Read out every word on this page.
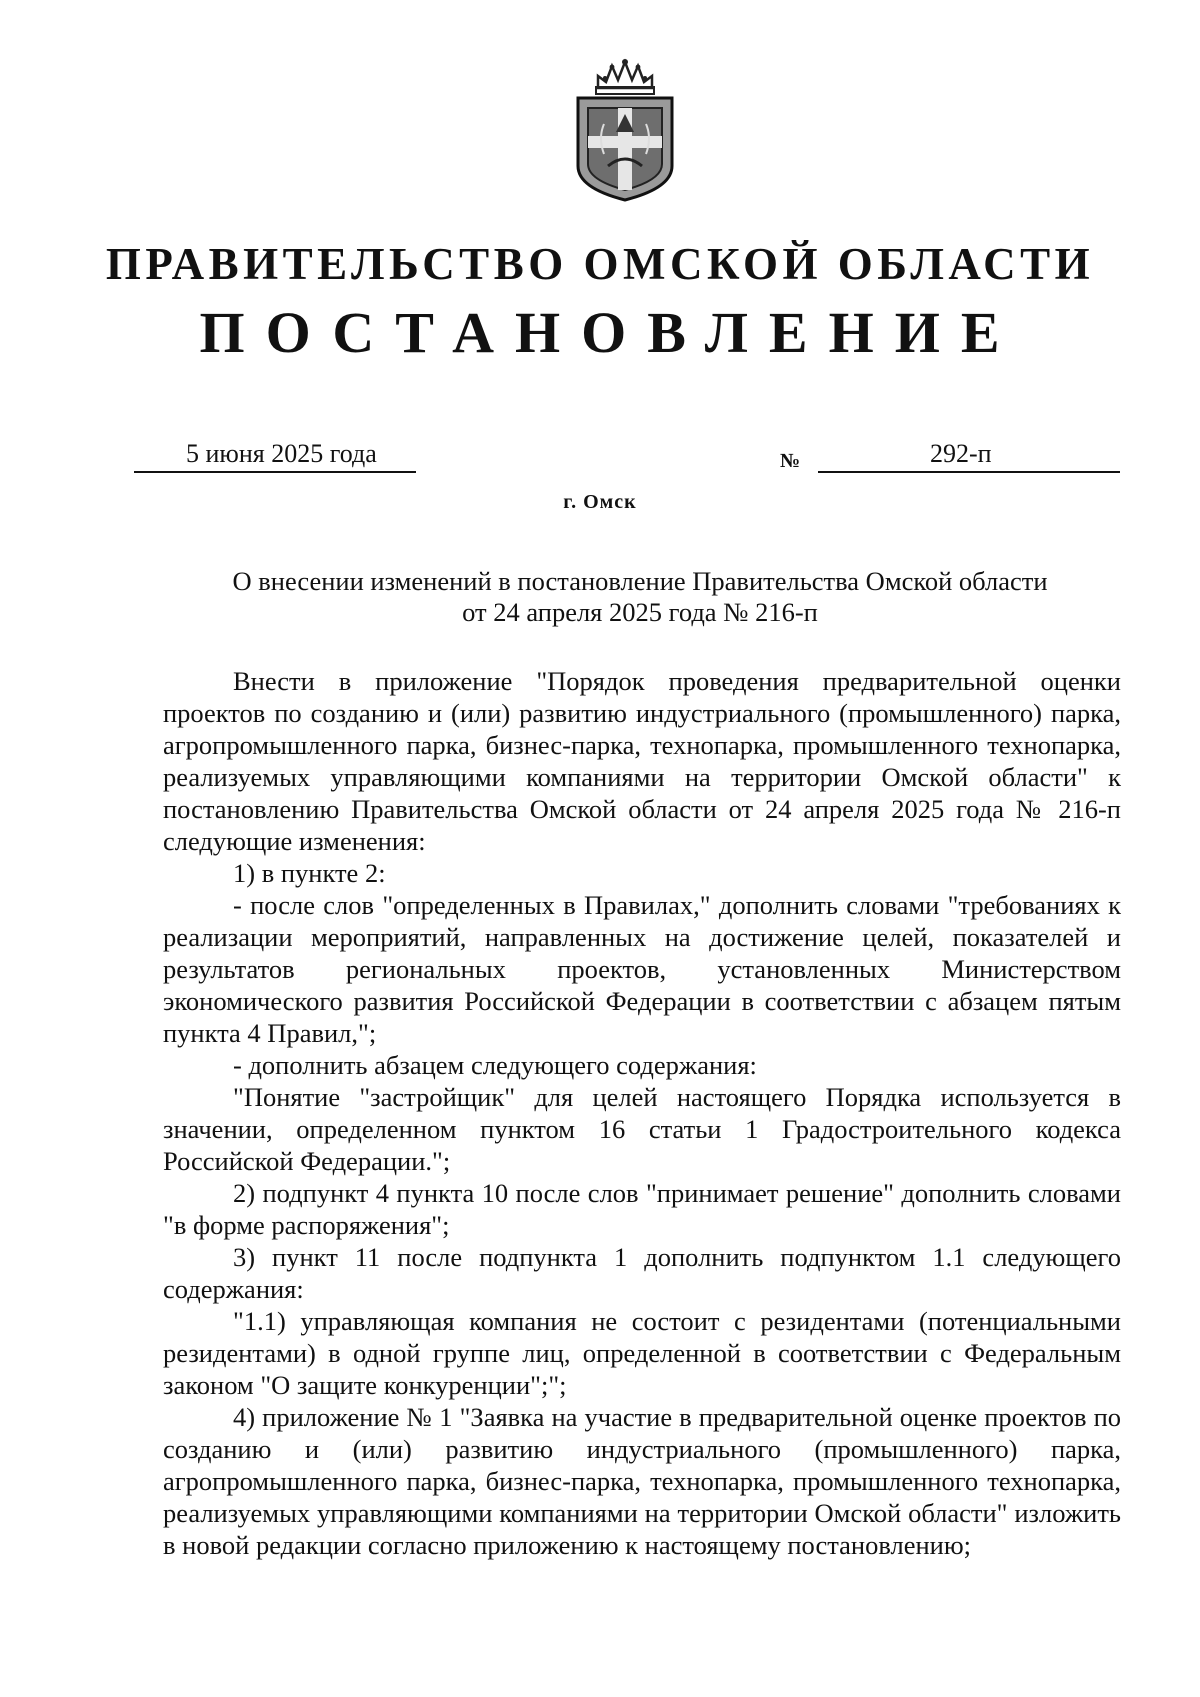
ПРАВИТЕЛЬСТВО ОМСКОЙ ОБЛАСТИ
ПОСТАНОВЛЕНИЕ
5 июня 2025 года	№	292-п
г. Омск
О внесении изменений в постановление Правительства Омской области
от 24 апреля 2025 года № 216-п

Внести в приложение "Порядок проведения предварительной оценки проектов по созданию и (или) развитию индустриального (промышленного) парка, агропромышленного парка, бизнес-парка, технопарка, промышленного технопарка, реализуемых управляющими компаниями на территории Омской области" к постановлению Правительства Омской области от 24 апреля 2025 года № 216-п следующие изменения:

1) в пункте 2:

- после слов "определенных в Правилах," дополнить словами "требованиях к реализации мероприятий, направленных на достижение целей, показателей и результатов региональных проектов, установленных Министерством экономического развития Российской Федерации в соответствии с абзацем пятым пункта 4 Правил,";

- дополнить абзацем следующего содержания:

"Понятие "застройщик" для целей настоящего Порядка используется в значении, определенном пунктом 16 статьи 1 Градостроительного кодекса Российской Федерации.";

2) подпункт 4 пункта 10 после слов "принимает решение" дополнить словами "в форме распоряжения";

3) пункт 11 после подпункта 1 дополнить подпунктом 1.1 следующего содержания:

"1.1) управляющая компания не состоит с резидентами (потенциальными резидентами) в одной группе лиц, определенной в соответствии с Федеральным законом "О защите конкуренции";";

4) приложение № 1 "Заявка на участие в предварительной оценке проектов по созданию и (или) развитию индустриального (промышленного) парка, агропромышленного парка, бизнес-парка, технопарка, промышленного технопарка, реализуемых управляющими компаниями на территории Омской области" изложить в новой редакции согласно приложению к настоящему постановлению;
